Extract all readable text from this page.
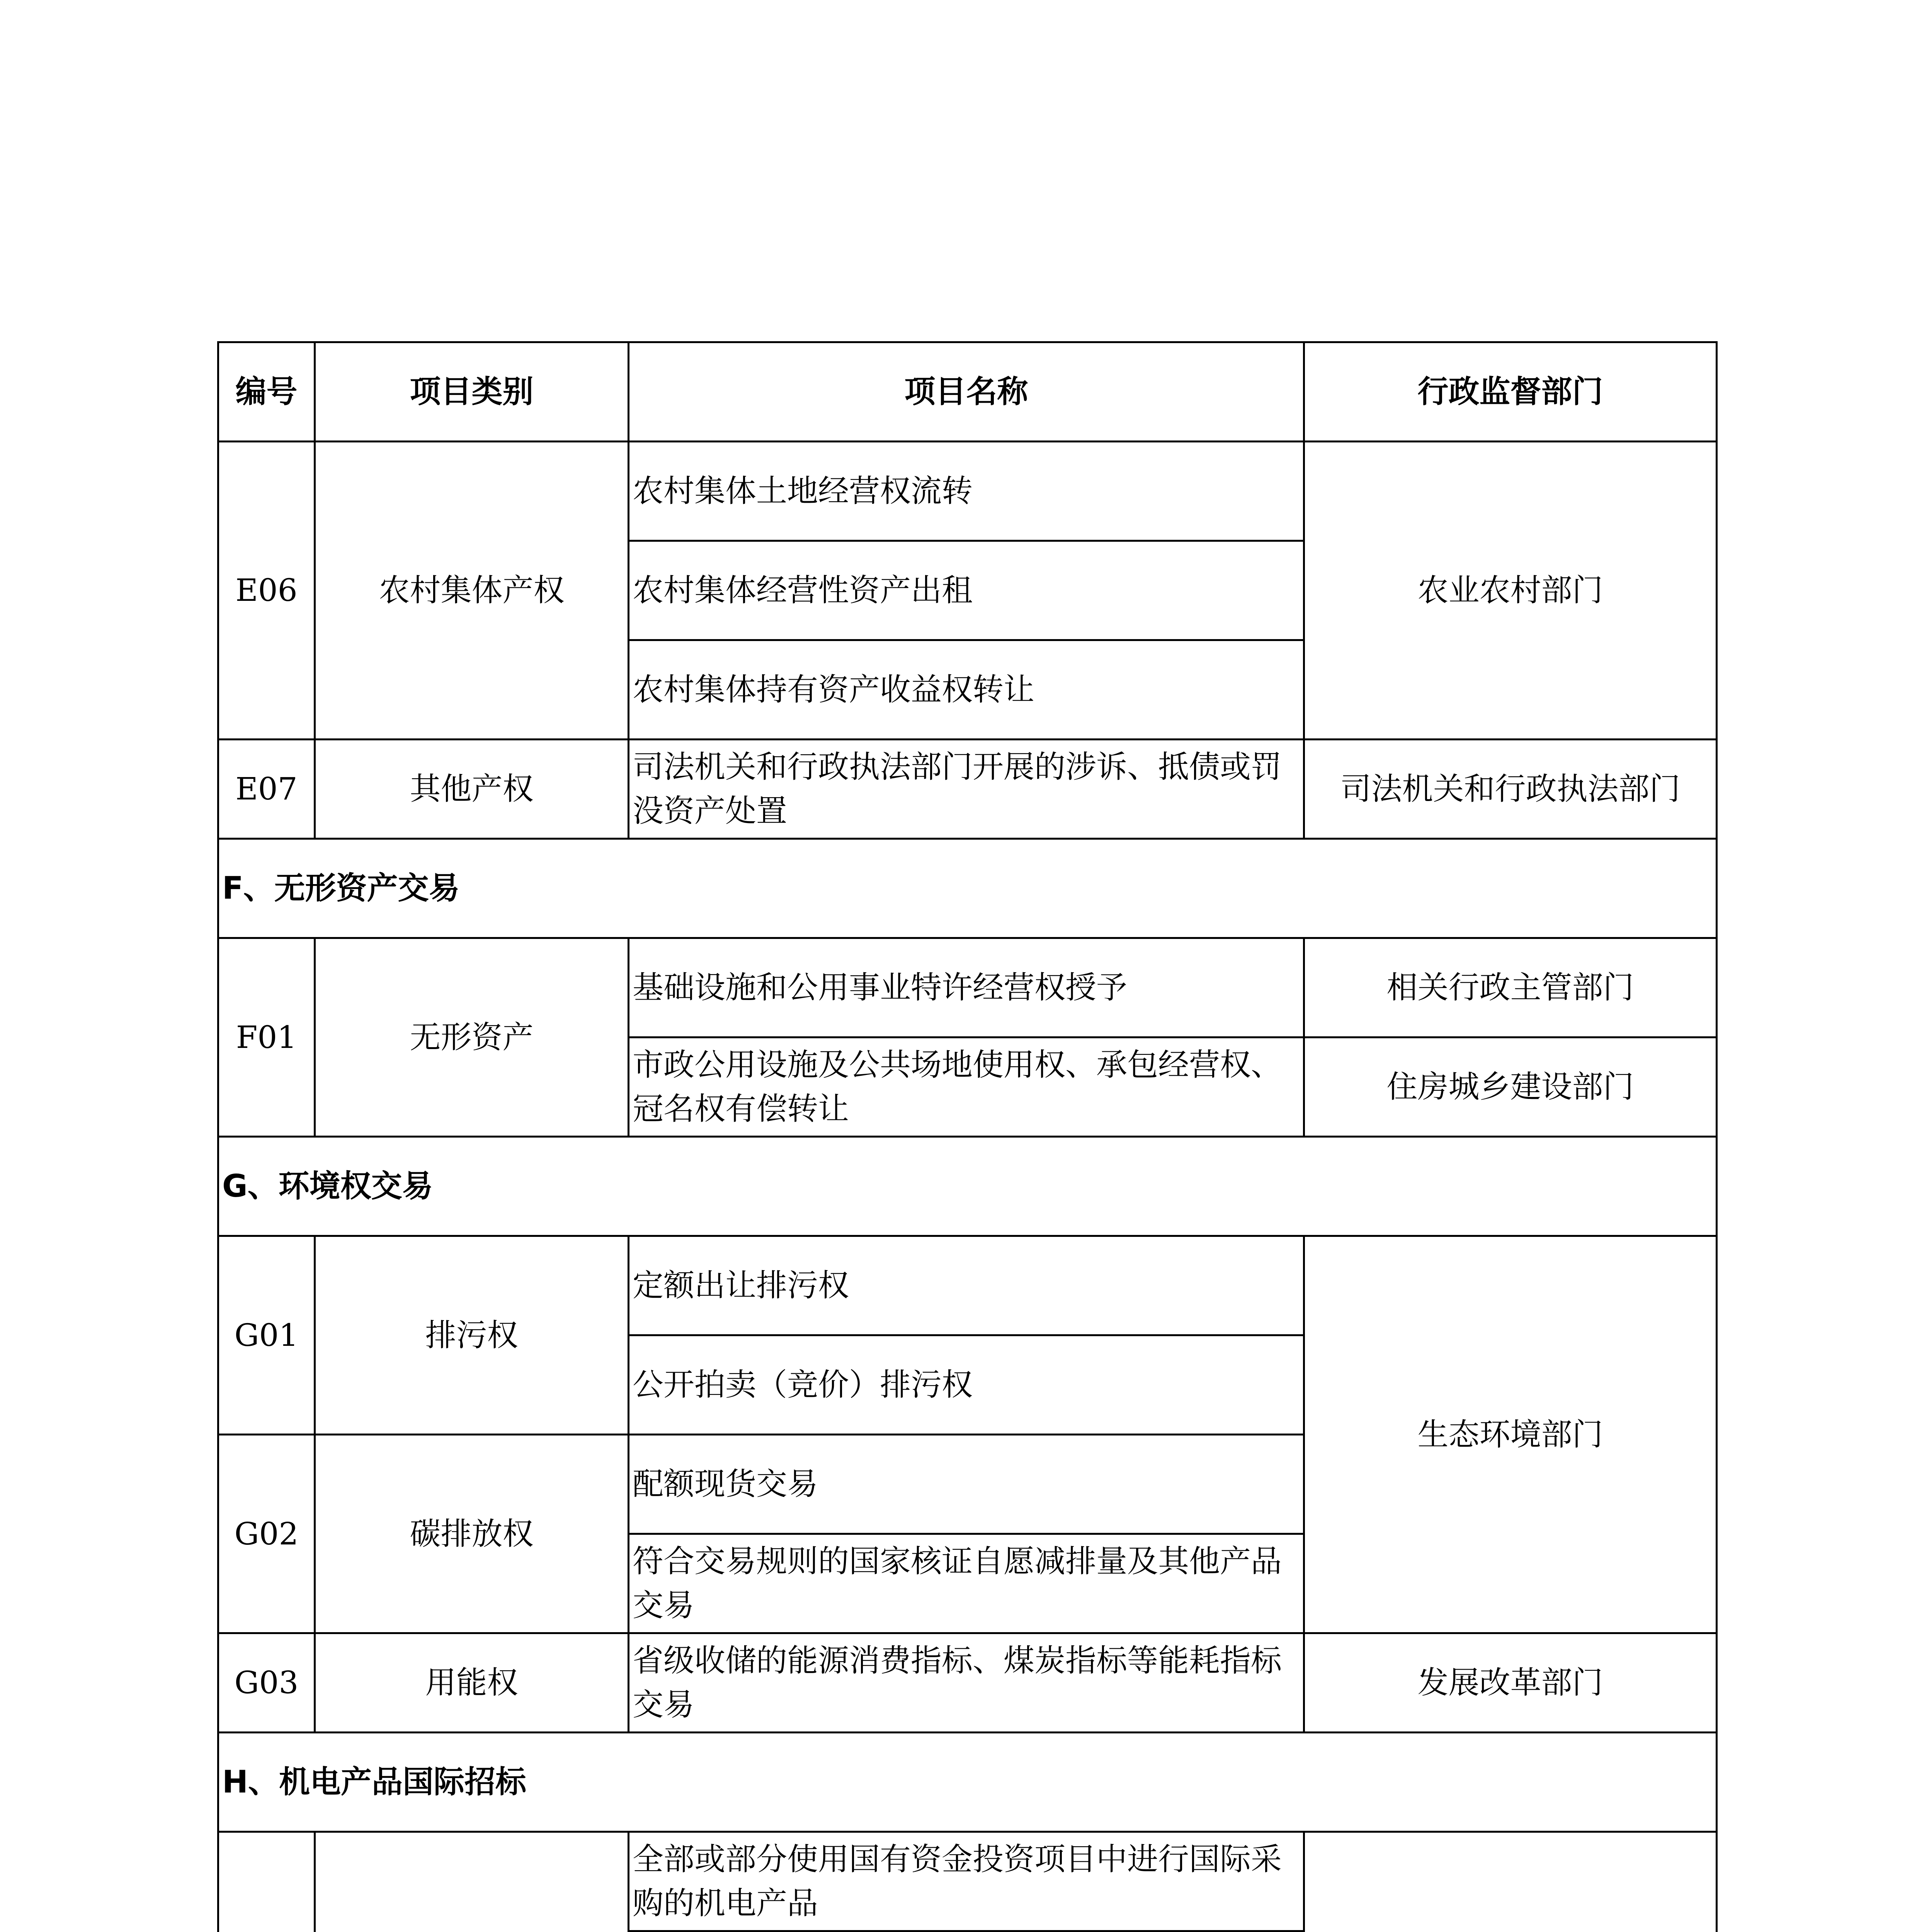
编号	项目类别	项目名称	行政监督部门
E06	农村集体产权	农村集体土地经营权流转	农业农村部门
		农村集体经营性资产出租	
		农村集体持有资产收益权转让	
E07	其他产权	司法机关和行政执法部门开展的涉诉、抵债或罚没资产处置	司法机关和行政执法部门
F、无形资产交易			
F01	无形资产	基础设施和公用事业特许经营权授予	相关行政主管部门
		市政公用设施及公共场地使用权、承包经营权、冠名权有偿转让	住房城乡建设部门
G、环境权交易			
G01	排污权	定额出让排污权	生态环境部门
		公开拍卖（竞价）排污权	
G02	碳排放权	配额现货交易	
		符合交易规则的国家核证自愿减排量及其他产品交易	
G03	用能权	省级收储的能源消费指标、煤炭指标等能耗指标交易	发展改革部门
H、机电产品国际招标			

	全部或部分使用国有资金投资项目中进行国际采购的机电产品	
